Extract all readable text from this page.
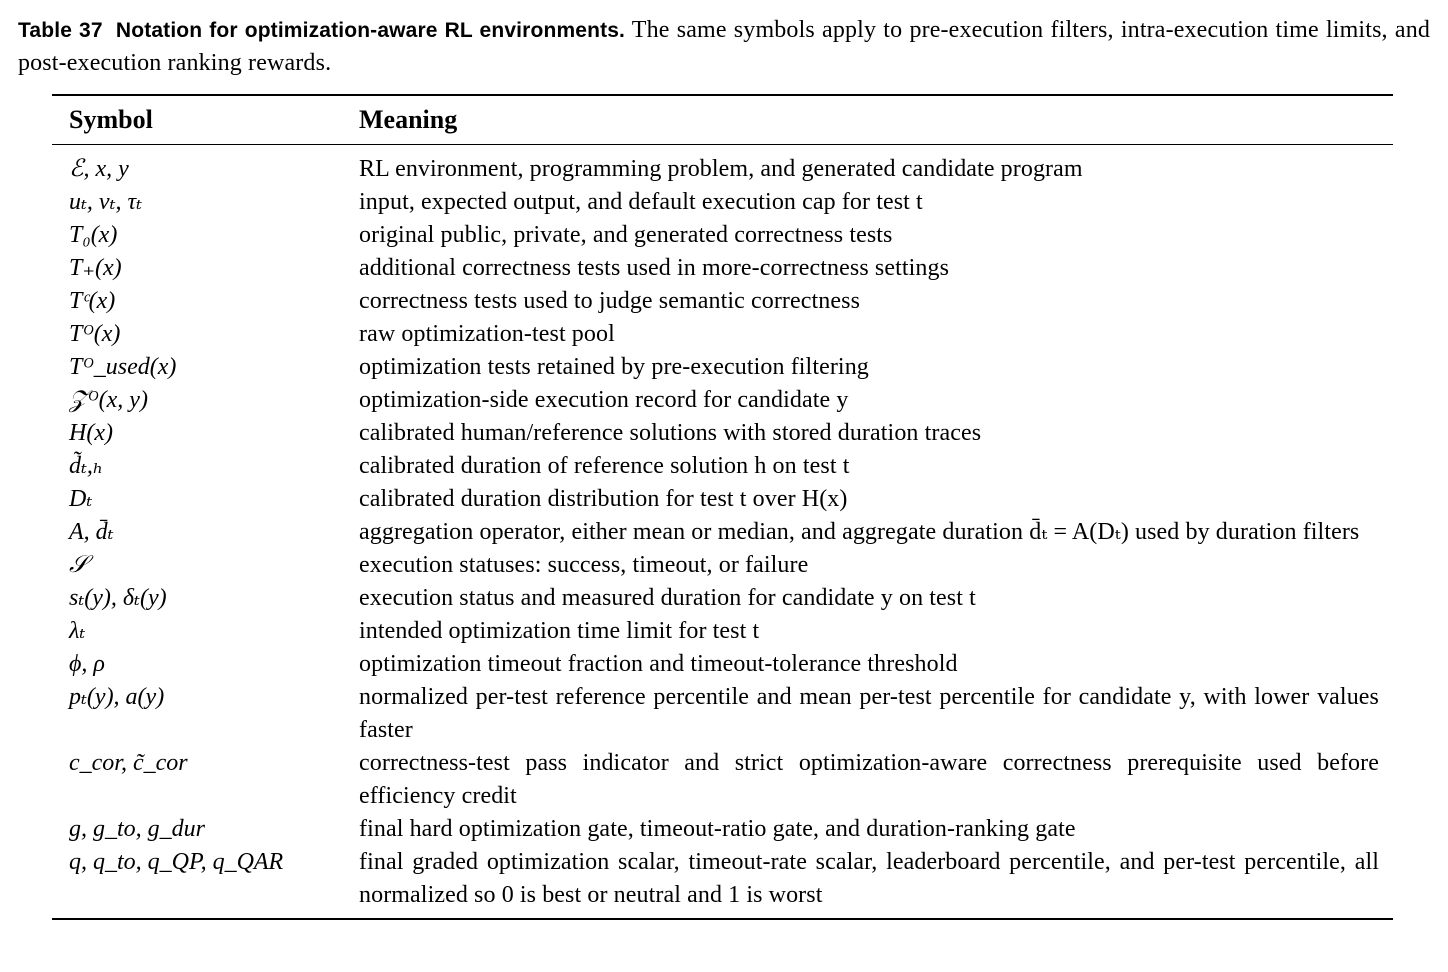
Table 37 Notation for optimization-aware RL environments. The same symbols apply to pre-execution filters, intra-execution time limits, and post-execution ranking rewards.
Symbol	Meaning
ℰ, x, y	RL environment, programming problem, and generated candidate program
uₜ, vₜ, τₜ	input, expected output, and default execution cap for test t
T₀(x)	original public, private, and generated correctness tests
T₊(x)	additional correctness tests used in more-correctness settings
Tᶜ(x)	correctness tests used to judge semantic correctness
Tᴼ(x)	raw optimization-test pool
Tᴼ_used(x)	optimization tests retained by pre-execution filtering
𝒵ᴼ(x, y)	optimization-side execution record for candidate y
H(x)	calibrated human/reference solutions with stored duration traces
d̃ₜ,ₕ	calibrated duration of reference solution h on test t
Dₜ	calibrated duration distribution for test t over H(x)
A, d̄ₜ	aggregation operator, either mean or median, and aggregate duration d̄ₜ = A(Dₜ) used by duration filters
𝒮	execution statuses: success, timeout, or failure
sₜ(y), δₜ(y)	execution status and measured duration for candidate y on test t
λₜ	intended optimization time limit for test t
ϕ, ρ	optimization timeout fraction and timeout-tolerance threshold
pₜ(y), a(y)	normalized per-test reference percentile and mean per-test percentile for candidate y, with lower values faster
c_cor, c̃_cor	correctness-test pass indicator and strict optimization-aware correctness prerequisite used before efficiency credit
g, g_to, g_dur	final hard optimization gate, timeout-ratio gate, and duration-ranking gate
q, q_to, q_QP, q_QAR	final graded optimization scalar, timeout-rate scalar, leaderboard percentile, and per-test percentile, all normalized so 0 is best or neutral and 1 is worst
